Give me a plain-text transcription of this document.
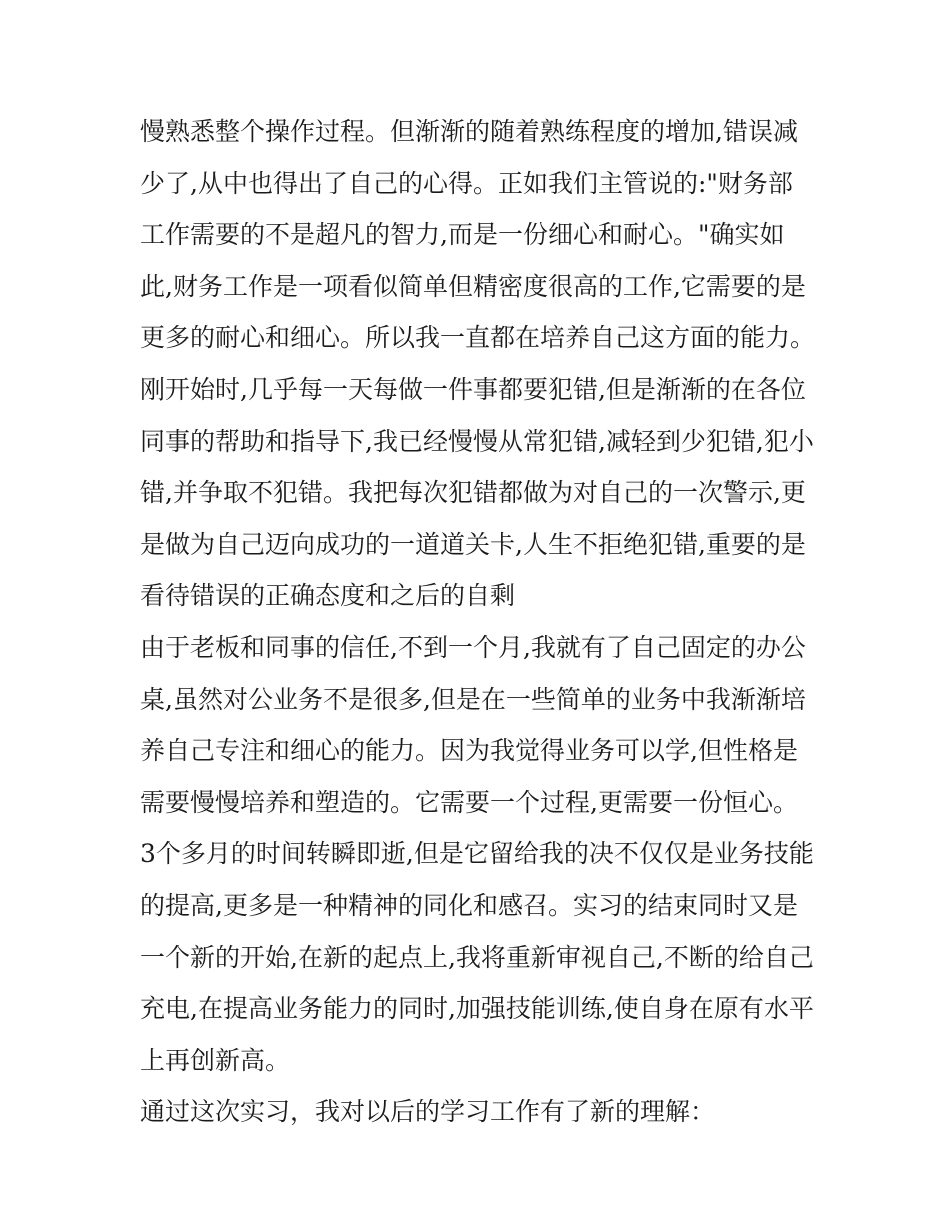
慢熟悉整个操作过程。但渐渐的随着熟练程度的增加,错误减少了,从中也得出了自己的心得。正如我们主管说的:"财务部工作需要的不是超凡的智力,而是一份细心和耐心。"确实如此,财务工作是一项看似简单但精密度很高的工作,它需要的是更多的耐心和细心。所以我一直都在培养自己这方面的能力。刚开始时,几乎每一天每做一件事都要犯错,但是渐渐的在各位同事的帮助和指导下,我已经慢慢从常犯错,减轻到少犯错,犯小错,并争取不犯错。我把每次犯错都做为对自己的一次警示,更是做为自己迈向成功的一道道关卡,人生不拒绝犯错,重要的是看待错误的正确态度和之后的自剩

由于老板和同事的信任,不到一个月,我就有了自己固定的办公桌,虽然对公业务不是很多,但是在一些简单的业务中我渐渐培养自己专注和细心的能力。因为我觉得业务可以学,但性格是需要慢慢培养和塑造的。它需要一个过程,更需要一份恒心。

3个多月的时间转瞬即逝,但是它留给我的决不仅仅是业务技能的提高,更多是一种精神的同化和感召。实习的结束同时又是一个新的开始,在新的起点上,我将重新审视自己,不断的给自己充电,在提高业务能力的同时,加强技能训练,使自身在原有水平上再创新高。

通过这次实习，我对以后的学习工作有了新的理解：
